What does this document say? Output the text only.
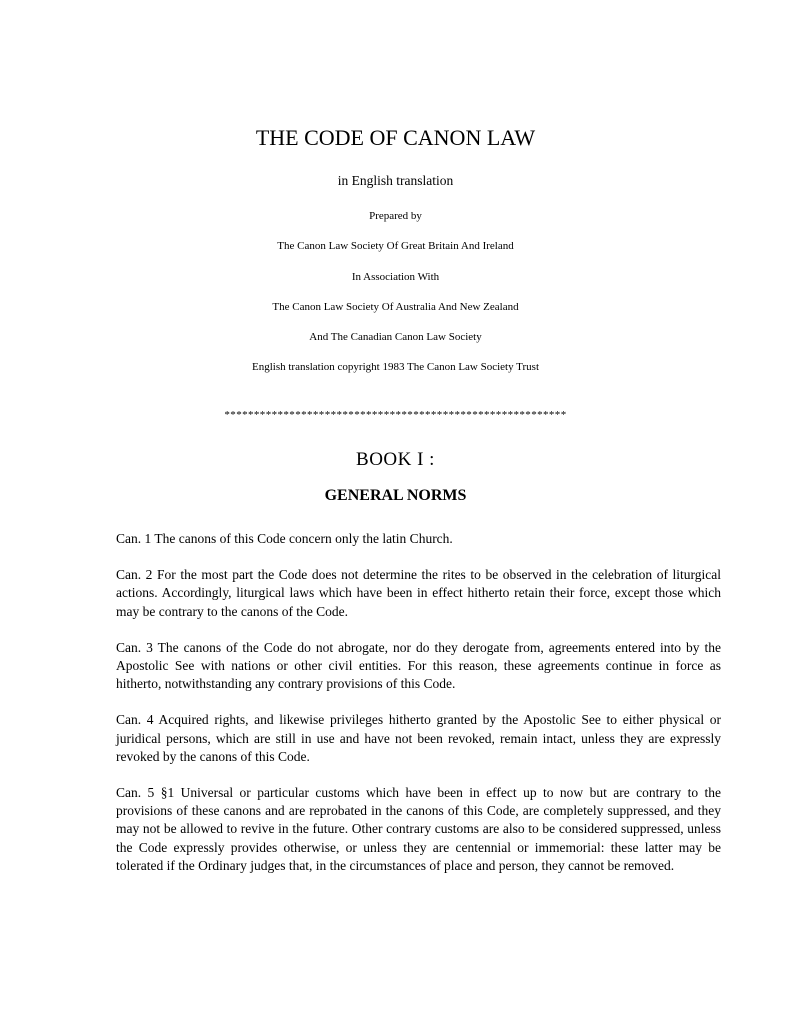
THE CODE OF CANON LAW
in English translation
Prepared by
The Canon Law Society Of Great Britain And Ireland
In Association With
The Canon Law Society Of Australia And New Zealand
And The Canadian Canon Law Society
English translation copyright 1983 The Canon Law Society Trust
**********************************************************
BOOK I :
GENERAL NORMS

Can. 1 The canons of this Code concern only the latin Church.

Can. 2 For the most part the Code does not determine the rites to be observed in the celebration of liturgical actions. Accordingly, liturgical laws which have been in effect hitherto retain their force, except those which may be contrary to the canons of the Code.

Can. 3 The canons of the Code do not abrogate, nor do they derogate from, agreements entered into by the Apostolic See with nations or other civil entities. For this reason, these agreements continue in force as hitherto, notwithstanding any contrary provisions of this Code.

Can. 4 Acquired rights, and likewise privileges hitherto granted by the Apostolic See to either physical or juridical persons, which are still in use and have not been revoked, remain intact, unless they are expressly revoked by the canons of this Code.

Can. 5 §1 Universal or particular customs which have been in effect up to now but are contrary to the provisions of these canons and are reprobated in the canons of this Code, are completely suppressed, and they may not be allowed to revive in the future. Other contrary customs are also to be considered suppressed, unless the Code expressly provides otherwise, or unless they are centennial or immemorial: these latter may be tolerated if the Ordinary judges that, in the circumstances of place and person, they cannot be removed.
